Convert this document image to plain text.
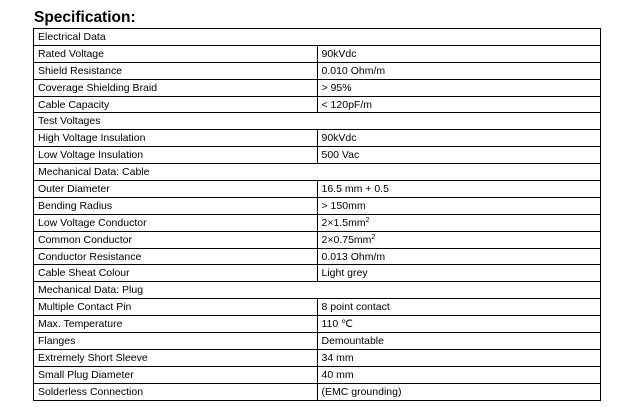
Specification:
Electrical Data	
Rated Voltage	90kVdc
Shield Resistance	0.010 Ohm/m
Coverage Shielding Braid	> 95%
Cable Capacity	< 120pF/m
Test Voltages	
High Voltage Insulation	90kVdc
Low Voltage Insulation	500 Vac
Mechanical Data: Cable	
Outer Diameter	16.5 mm + 0.5
Bending Radius	> 150mm
Low Voltage Conductor	$2\times 1.5mm^2$
Common Conductor	$2\times 0.75mm^2$
Conductor Resistance	0.013 Ohm/m
Cable Sheat Colour	Light grey
Mechanical Data: Plug	
Multiple Contact Pin	8 point contact
Max. Temperature	110 ℃
Flanges	Demountable
Extremely Short Sleeve	34 mm
Small Plug Diameter	40 mm
Solderless Connection	(EMC grounding)
